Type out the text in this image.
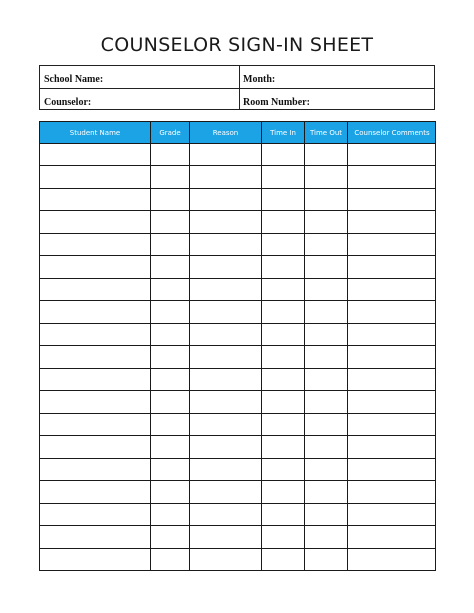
COUNSELOR SIGN-IN SHEET
School Name:	Month:
Counselor:	Room Number:
Student Name	Grade	Reason	Time In	Time Out	Counselor Comments
